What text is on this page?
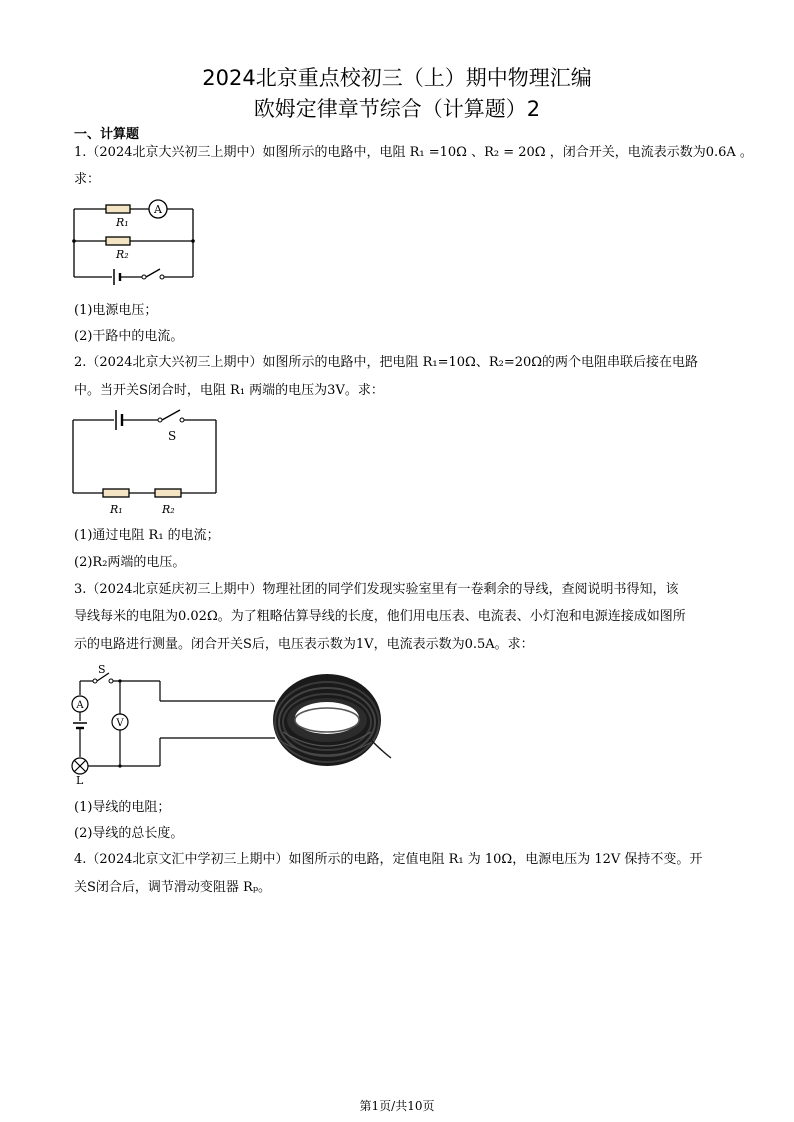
2024北京重点校初三（上）期中物理汇编
欧姆定律章节综合（计算题）2
一、计算题
1.（2024北京大兴初三上期中）如图所示的电路中，电阻 R₁ =10Ω 、R₂ = 20Ω ，闭合开关，电流表示数为0.6A 。
求：
A
R₁
R₂
(1)电源电压；
(2)干路中的电流。
2.（2024北京大兴初三上期中）如图所示的电路中，把电阻 R₁=10Ω、R₂=20Ω的两个电阻串联后接在电路
中。当开关S闭合时，电阻 R₁ 两端的电压为3V。求：
S
R₁	R₂
(1)通过电阻 R₁ 的电流；
(2)R₂两端的电压。
3.（2024北京延庆初三上期中）物理社团的同学们发现实验室里有一卷剩余的导线，查阅说明书得知，该
导线每米的电阻为0.02Ω。为了粗略估算导线的长度，他们用电压表、电流表、小灯泡和电源连接成如图所
示的电路进行测量。闭合开关S后，电压表示数为1V，电流表示数为0.5A。求：
S
A
V
L
(1)导线的电阻；
(2)导线的总长度。
4.（2024北京文汇中学初三上期中）如图所示的电路，定值电阻 R₁ 为 10Ω，电源电压为 12V 保持不变。开
关S闭合后，调节滑动变阻器 Rₚ。
第1页/共10页
